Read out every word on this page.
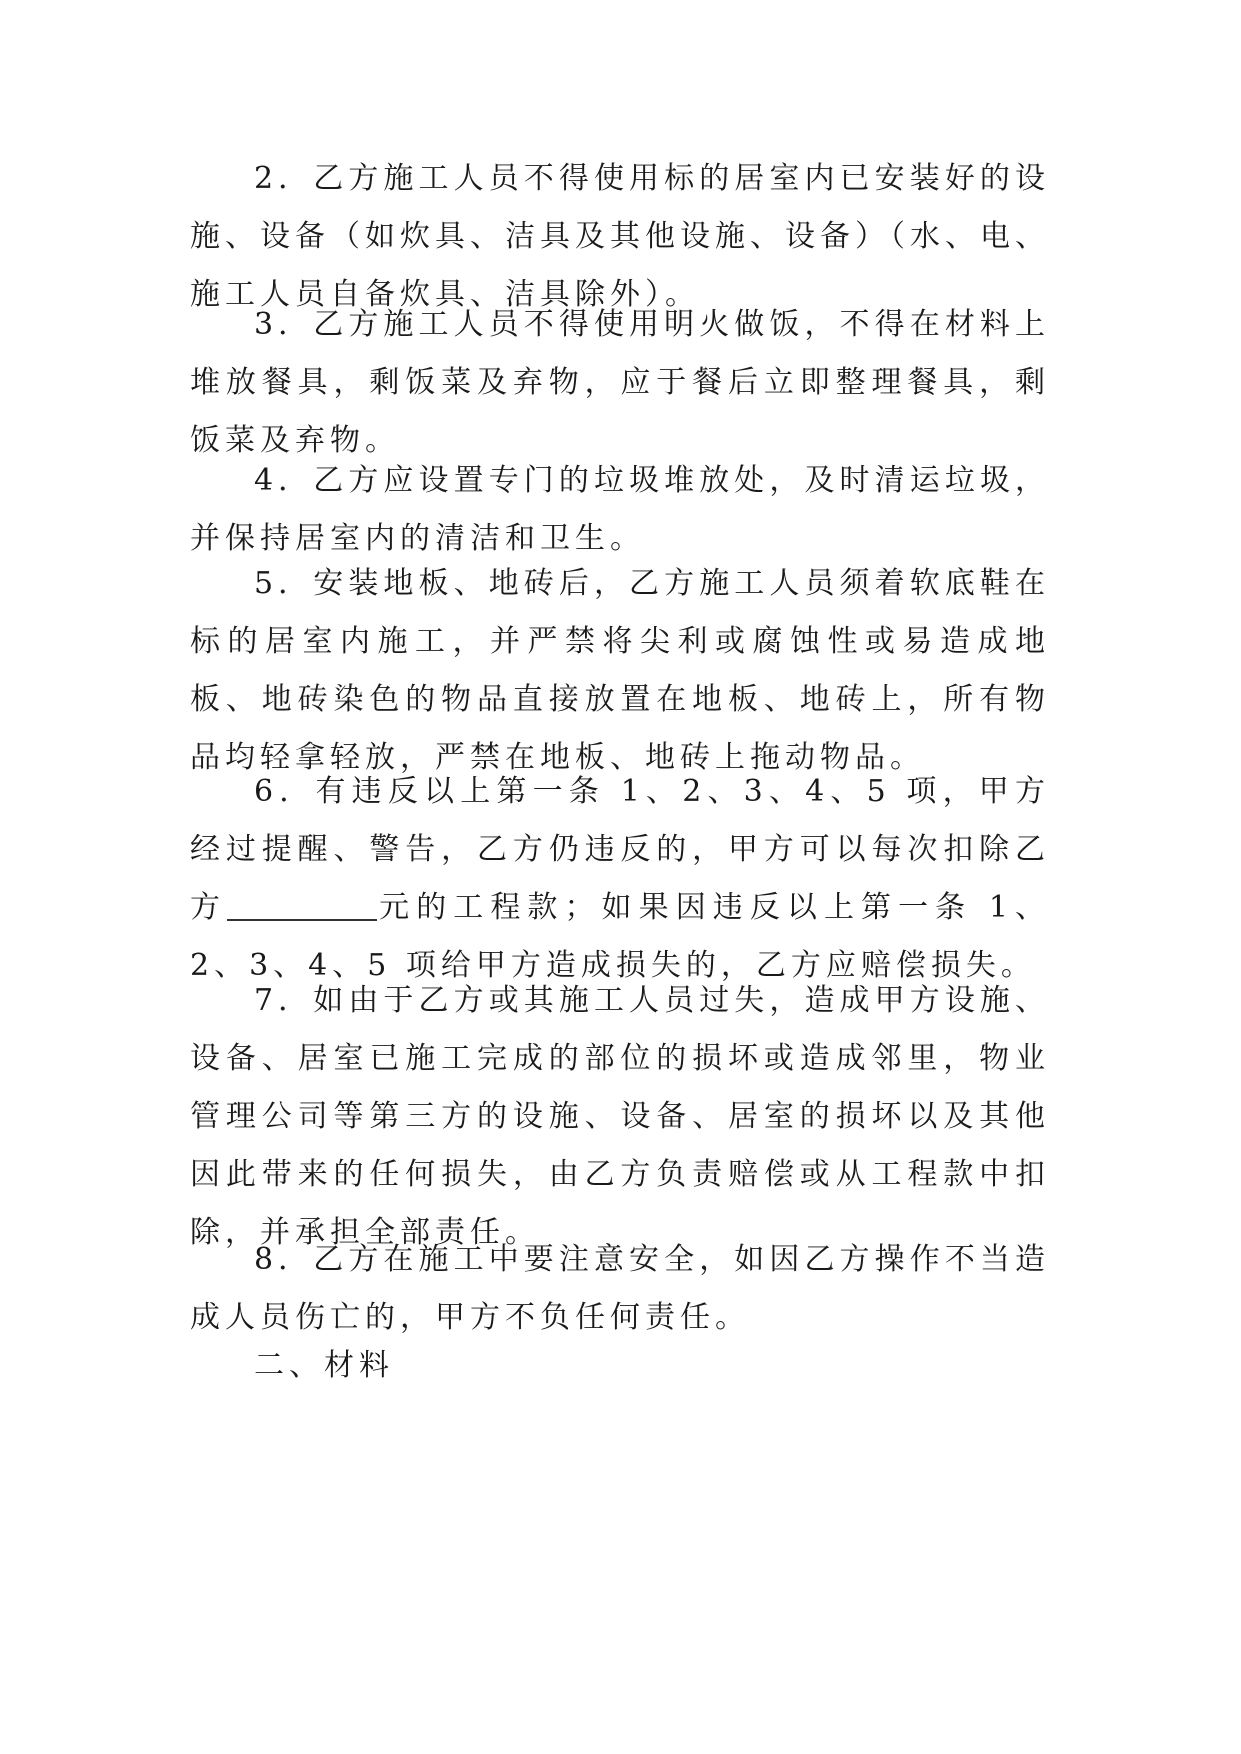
2．乙方施工人员不得使用标的居室内已安装好的设施、设备（如炊具、洁具及其他设施、设备）（水、电、施工人员自备炊具、洁具除外）。

3．乙方施工人员不得使用明火做饭，不得在材料上堆放餐具，剩饭菜及弃物，应于餐后立即整理餐具，剩饭菜及弃物。

4．乙方应设置专门的垃圾堆放处，及时清运垃圾，并保持居室内的清洁和卫生。

5．安装地板、地砖后，乙方施工人员须着软底鞋在标的居室内施工，并严禁将尖利或腐蚀性或易造成地板、地砖染色的物品直接放置在地板、地砖上，所有物品均轻拿轻放，严禁在地板、地砖上拖动物品。

6．有违反以上第一条 1、2、3、4、5 项，甲方经过提醒、警告，乙方仍违反的，甲方可以每次扣除乙方	元的工程款；如果因违反以上第一条 1、2、3、4、5 项给甲方造成损失的，乙方应赔偿损失。

7．如由于乙方或其施工人员过失，造成甲方设施、设备、居室已施工完成的部位的损坏或造成邻里，物业管理公司等第三方的设施、设备、居室的损坏以及其他因此带来的任何损失，由乙方负责赔偿或从工程款中扣除，并承担全部责任。

8．乙方在施工中要注意安全，如因乙方操作不当造成人员伤亡的，甲方不负任何责任。

二、材料
